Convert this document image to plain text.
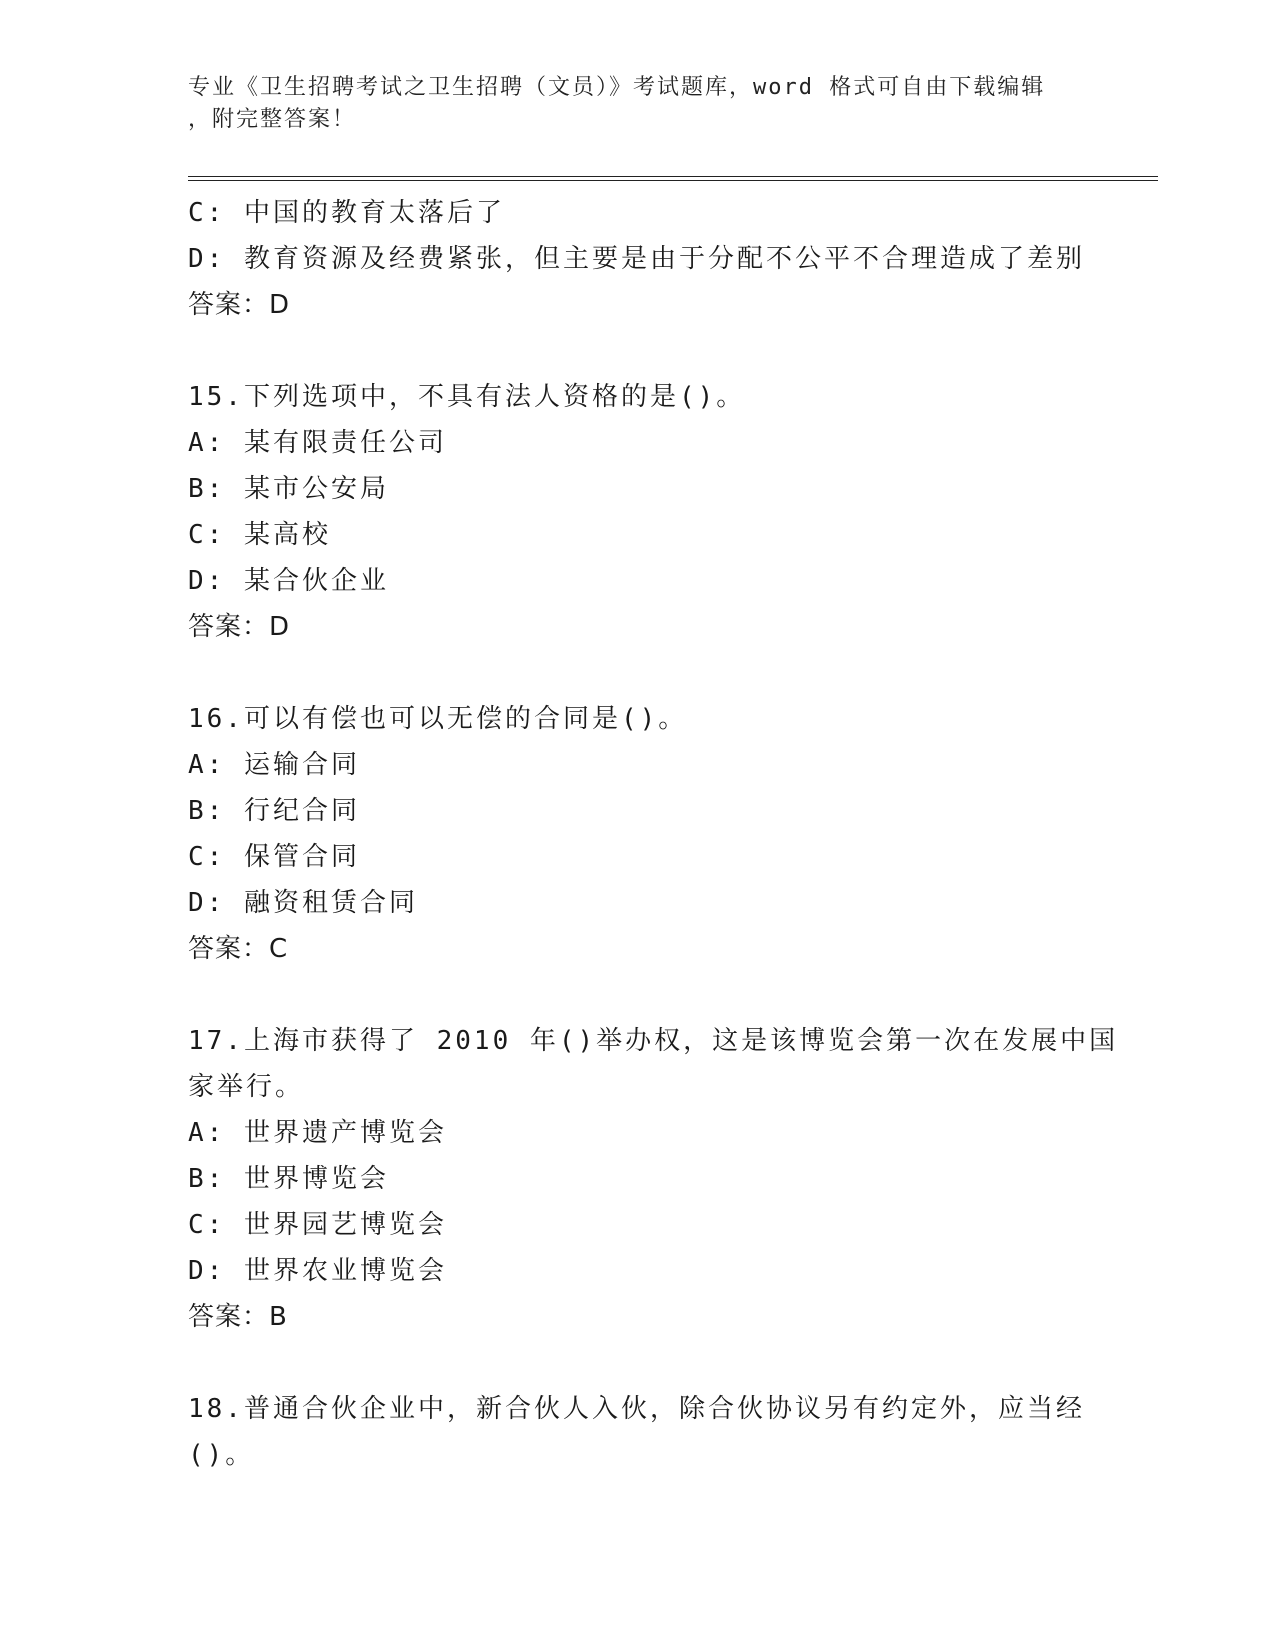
专业《卫生招聘考试之卫生招聘（文员）》考试题库，word 格式可自由下载编辑
，附完整答案！
C: 中国的教育太落后了
D: 教育资源及经费紧张，但主要是由于分配不公平不合理造成了差别
答案：D
15.下列选项中，不具有法人资格的是()。
A: 某有限责任公司
B: 某市公安局
C: 某高校
D: 某合伙企业
答案：D
16.可以有偿也可以无偿的合同是()。
A: 运输合同
B: 行纪合同
C: 保管合同
D: 融资租赁合同
答案：C
17.上海市获得了 2010 年()举办权，这是该博览会第一次在发展中国
家举行。
A: 世界遗产博览会
B: 世界博览会
C: 世界园艺博览会
D: 世界农业博览会
答案：B
18.普通合伙企业中，新合伙人入伙，除合伙协议另有约定外，应当经
()。
